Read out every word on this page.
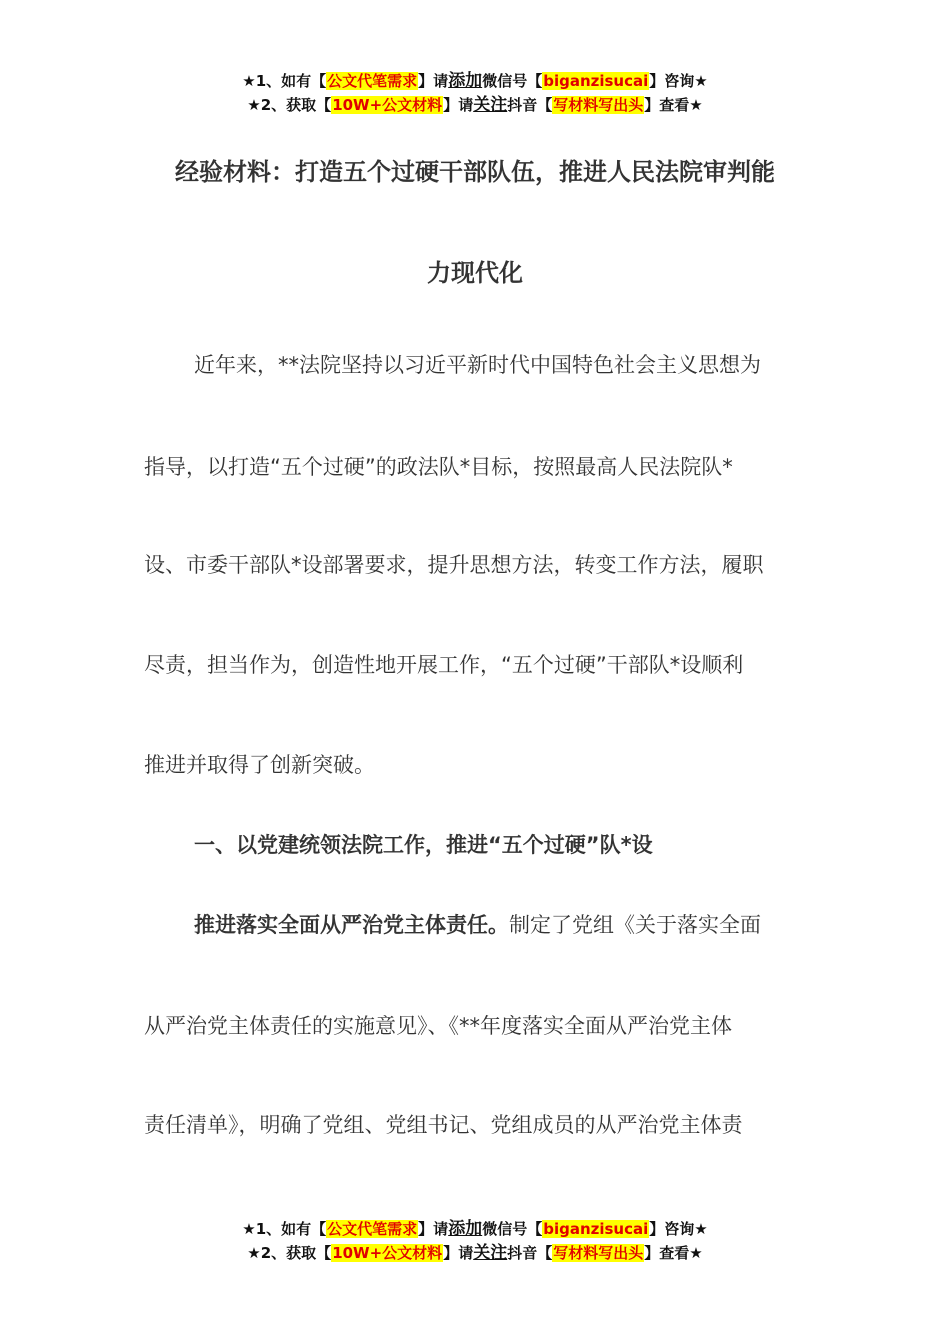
★1、如有【公文代笔需求】请添加微信号【biganzisucai】咨询★
★2、获取【10W+公文材料】请关注抖音【写材料写出头】查看★
经验材料：打造五个过硬干部队伍，推进人民法院审判能
力现代化
近年来，**法院坚持以习近平新时代中国特色社会主义思想为
指导，以打造“五个过硬”的政法队*目标，按照最高人民法院队*
设、市委干部队*设部署要求，提升思想方法，转变工作方法，履职
尽责，担当作为，创造性地开展工作，“五个过硬”干部队*设顺利
推进并取得了创新突破。
一、以党建统领法院工作，推进“五个过硬”队*设
推进落实全面从严治党主体责任。制定了党组《关于落实全面
从严治党主体责任的实施意见》、《**年度落实全面从严治党主体
责任清单》，明确了党组、党组书记、党组成员的从严治党主体责
★1、如有【公文代笔需求】请添加微信号【biganzisucai】咨询★
★2、获取【10W+公文材料】请关注抖音【写材料写出头】查看★
